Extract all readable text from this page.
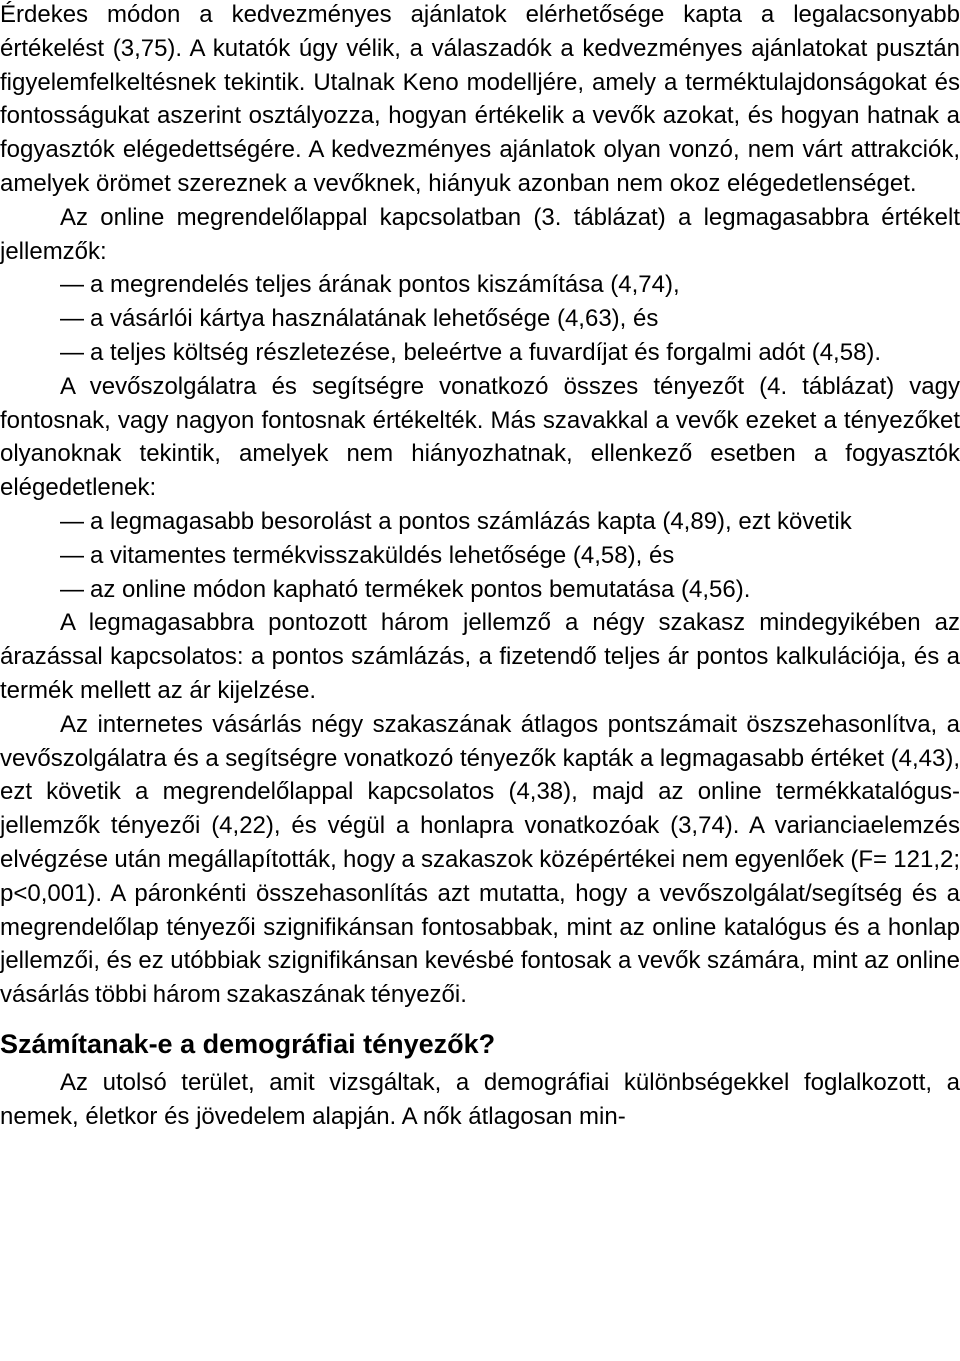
Érdekes módon a kedvezményes ajánlatok elérhetősége kapta a legalacsonyabb értékelést (3,75). A kutatók úgy vélik, a válaszadók a kedvezményes ajánlatokat pusztán figyelemfelkeltésnek tekintik. Utalnak Keno modelljére, amely a terméktulajdonságokat és fontosságukat aszerint osztályozza, hogyan értékelik a vevők azokat, és hogyan hatnak a fogyasztók elégedettségére. A kedvezményes ajánlatok olyan vonzó, nem várt attrakciók, amelyek örömet szereznek a vevőknek, hiányuk azonban nem okoz elégedetlenséget.

Az online megrendelőlappal kapcsolatban (3. táblázat) a legmagasabbra értékelt jellemzők:

— a megrendelés teljes árának pontos kiszámítása (4,74),
— a vásárlói kártya használatának lehetősége (4,63), és
— a teljes költség részletezése, beleértve a fuvardíjat és forgalmi adót (4,58).

A vevőszolgálatra és segítségre vonatkozó összes tényezőt (4. táblázat) vagy fontosnak, vagy nagyon fontosnak értékelték. Más szavakkal a vevők ezeket a tényezőket olyanoknak tekintik, amelyek nem hiányozhatnak, ellenkező esetben a fogyasztók elégedetlenek:

— a legmagasabb besorolást a pontos számlázás kapta (4,89), ezt követik
— a vitamentes termékvisszaküldés lehetősége (4,58), és
— az online módon kapható termékek pontos bemutatása (4,56).

A legmagasabbra pontozott három jellemző a négy szakasz mindegyikében az árazással kapcsolatos: a pontos számlázás, a fizetendő teljes ár pontos kalkulációja, és a termék mellett az ár kijelzése.

Az internetes vásárlás négy szakaszának átlagos pontszámait öszszehasonlítva, a vevőszolgálatra és a segítségre vonatkozó tényezők kapták a legmagasabb értéket (4,43), ezt követik a megrendelőlappal kapcsolatos (4,38), majd az online termékkatalógus-jellemzők tényezői (4,22), és végül a honlapra vonatkozóak (3,74). A varianciaelemzés elvégzése után megállapították, hogy a szakaszok középértékei nem egyenlőek (F= 121,2; p<0,001). A páronkénti összehasonlítás azt mutatta, hogy a vevőszolgálat/segítség és a megrendelőlap tényezői szignifikánsan fontosabbak, mint az online katalógus és a honlap jellemzői, és ez utóbbiak szignifikánsan kevésbé fontosak a vevők számára, mint az online vásárlás többi három szakaszának tényezői.

Számítanak-e a demográfiai tényezők?

Az utolsó terület, amit vizsgáltak, a demográfiai különbségekkel foglalkozott, a nemek, életkor és jövedelem alapján. A nők átlagosan min-
